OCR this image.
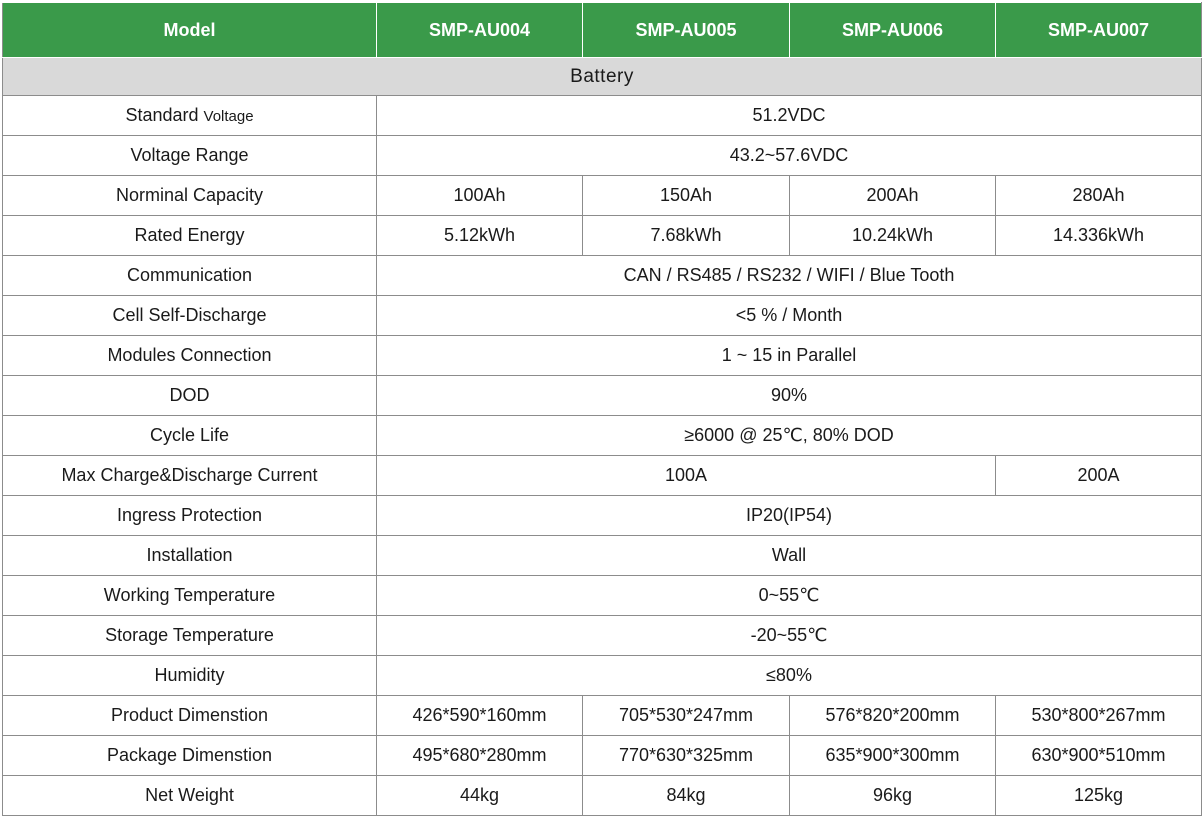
Model	SMP-AU004	SMP-AU005	SMP-AU006	SMP-AU007
Battery				
Standard Voltage	51.2VDC			
Voltage Range	43.2~57.6VDC			
Norminal Capacity	100Ah	150Ah	200Ah	280Ah
Rated Energy	5.12kWh	7.68kWh	10.24kWh	14.336kWh
Communication	CAN / RS485 / RS232 / WIFI / Blue Tooth			
Cell Self-Discharge	<5 % / Month			
Modules Connection	1 ~ 15 in Parallel			
DOD	90%			
Cycle Life	≥6000 @ 25℃, 80% DOD			
Max Charge&Discharge Current	100A			200A
Ingress Protection	IP20(IP54)			
Installation	Wall			
Working Temperature	0~55℃			
Storage Temperature	-20~55℃			
Humidity	≤80%			
Product Dimenstion	426*590*160mm	705*530*247mm	576*820*200mm	530*800*267mm
Package Dimenstion	495*680*280mm	770*630*325mm	635*900*300mm	630*900*510mm
Net Weight	44kg	84kg	96kg	125kg
